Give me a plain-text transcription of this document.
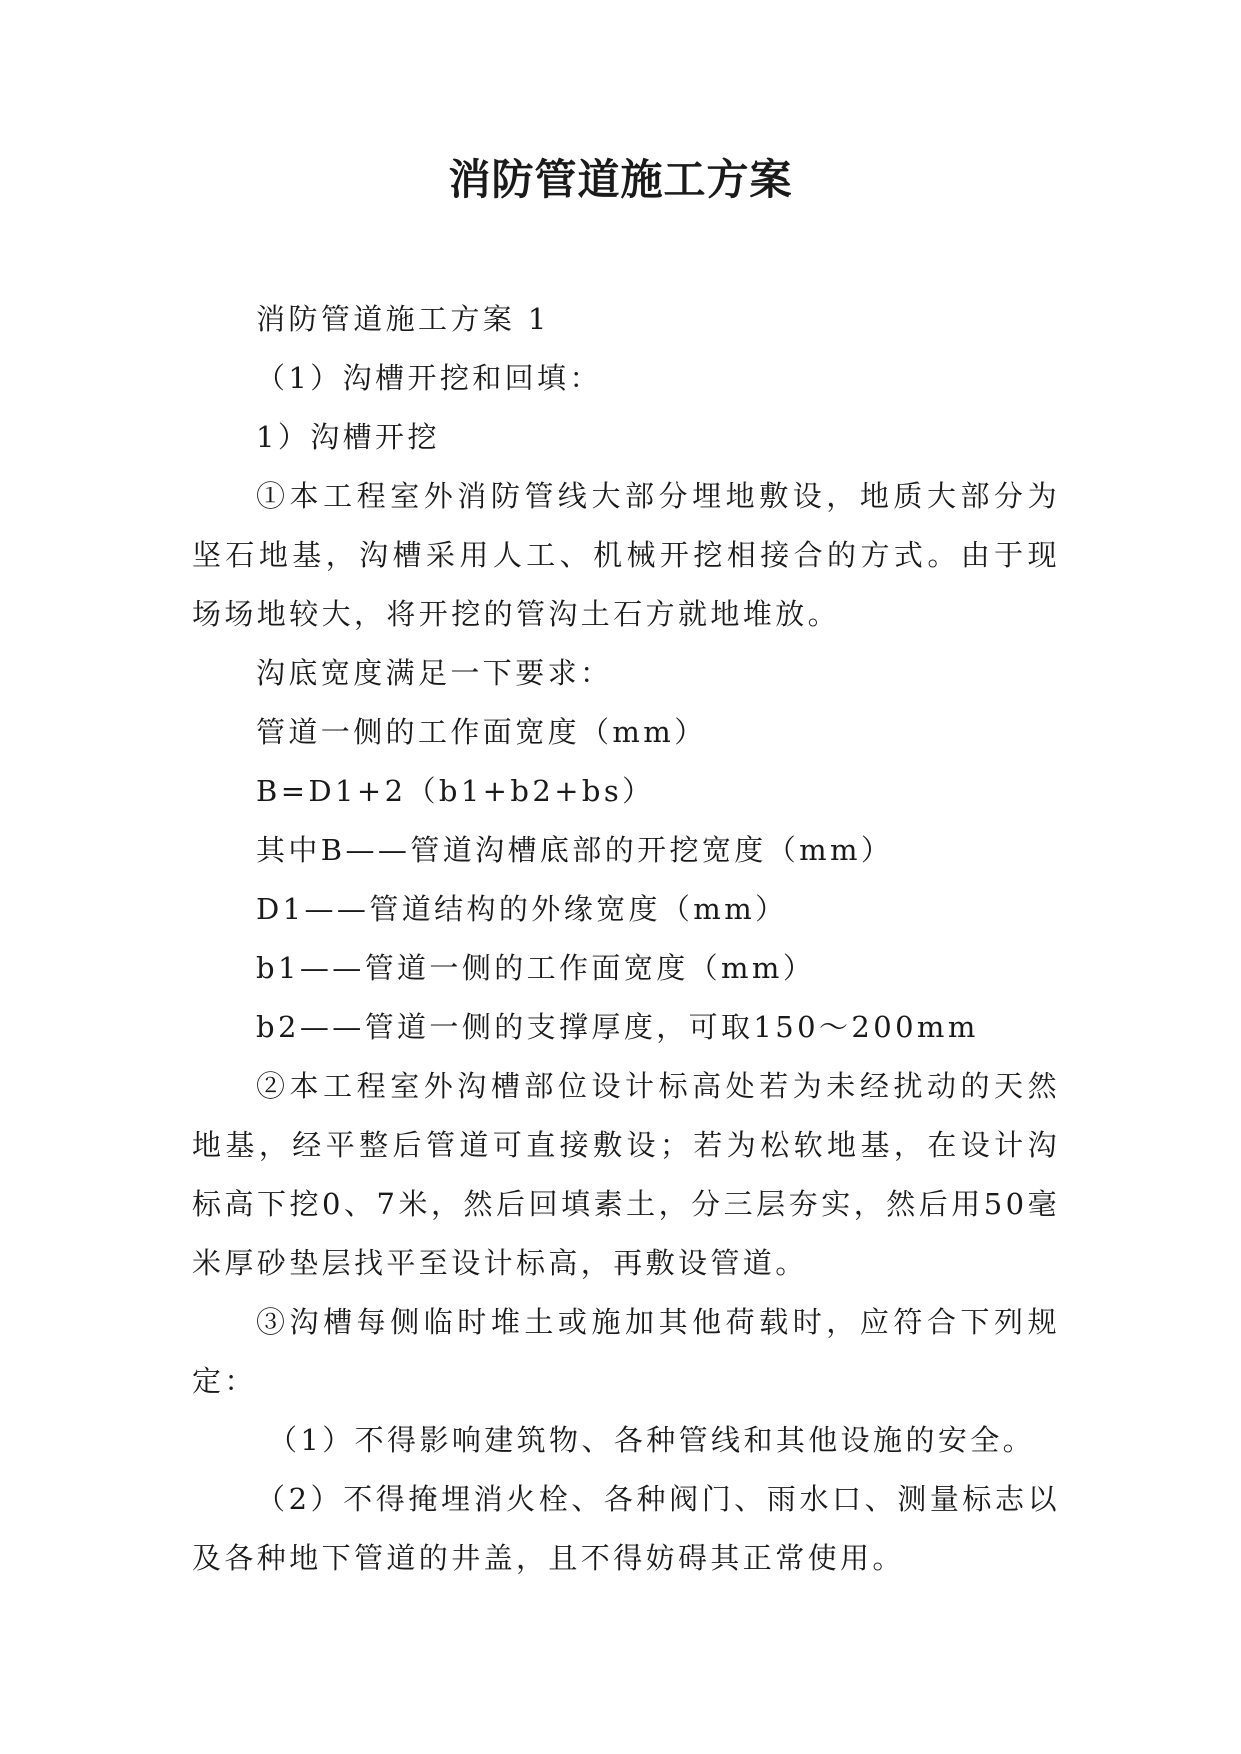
消防管道施工方案

消防管道施工方案 1

（1）沟槽开挖和回填：

1）沟槽开挖

①本工程室外消防管线大部分埋地敷设，地质大部分为坚石地基，沟槽采用人工、机械开挖相接合的方式。由于现场场地较大，将开挖的管沟土石方就地堆放。

沟底宽度满足一下要求：

管道一侧的工作面宽度（mm）

B=D1+2（b1+b2+bs）

其中B——管道沟槽底部的开挖宽度（mm）

D1——管道结构的外缘宽度（mm）

b1——管道一侧的工作面宽度（mm）

b2——管道一侧的支撑厚度，可取150～200mm

②本工程室外沟槽部位设计标高处若为未经扰动的天然地基，经平整后管道可直接敷设；若为松软地基，在设计沟标高下挖0、7米，然后回填素土，分三层夯实，然后用50毫米厚砂垫层找平至设计标高，再敷设管道。

③沟槽每侧临时堆土或施加其他荷载时，应符合下列规定：

（1）不得影响建筑物、各种管线和其他设施的安全。

（2）不得掩埋消火栓、各种阀门、雨水口、测量标志以及各种地下管道的井盖，且不得妨碍其正常使用。
